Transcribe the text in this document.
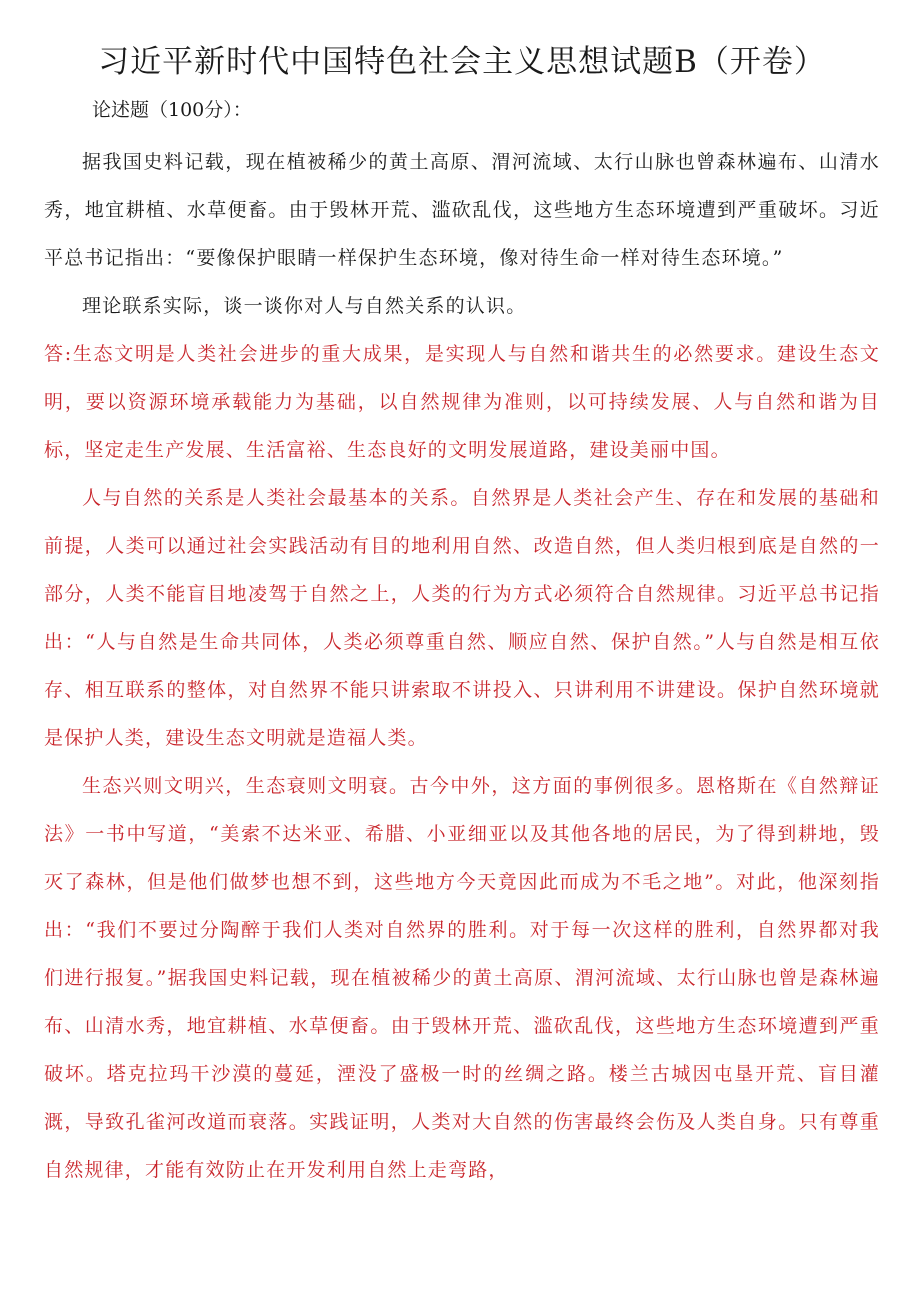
习近平新时代中国特色社会主义思想试题B（开卷）
论述题（100分）：

据我国史料记载，现在植被稀少的黄土高原、渭河流域、太行山脉也曾森林遍布、山清水秀，地宜耕植、水草便畜。由于毁林开荒、滥砍乱伐，这些地方生态环境遭到严重破坏。习近平总书记指出：“要像保护眼睛一样保护生态环境，像对待生命一样对待生态环境。”

理论联系实际，谈一谈你对人与自然关系的认识。

答:生态文明是人类社会进步的重大成果，是实现人与自然和谐共生的必然要求。建设生态文明，要以资源环境承载能力为基础，以自然规律为准则，以可持续发展、人与自然和谐为目标，坚定走生产发展、生活富裕、生态良好的文明发展道路，建设美丽中国。

人与自然的关系是人类社会最基本的关系。自然界是人类社会产生、存在和发展的基础和前提，人类可以通过社会实践活动有目的地利用自然、改造自然，但人类归根到底是自然的一部分，人类不能盲目地凌驾于自然之上，人类的行为方式必须符合自然规律。习近平总书记指出：“人与自然是生命共同体，人类必须尊重自然、顺应自然、保护自然。”人与自然是相互依存、相互联系的整体，对自然界不能只讲索取不讲投入、只讲利用不讲建设。保护自然环境就是保护人类，建设生态文明就是造福人类。

生态兴则文明兴，生态衰则文明衰。古今中外，这方面的事例很多。恩格斯在《自然辩证法》一书中写道，“美索不达米亚、希腊、小亚细亚以及其他各地的居民，为了得到耕地，毁灭了森林，但是他们做梦也想不到，这些地方今天竟因此而成为不毛之地”。对此，他深刻指出：“我们不要过分陶醉于我们人类对自然界的胜利。对于每一次这样的胜利，自然界都对我们进行报复。”据我国史料记载，现在植被稀少的黄土高原、渭河流域、太行山脉也曾是森林遍布、山清水秀，地宜耕植、水草便畜。由于毁林开荒、滥砍乱伐，这些地方生态环境遭到严重破坏。塔克拉玛干沙漠的蔓延，湮没了盛极一时的丝绸之路。楼兰古城因屯垦开荒、盲目灌溉，导致孔雀河改道而衰落。实践证明，人类对大自然的伤害最终会伤及人类自身。只有尊重自然规律，才能有效防止在开发利用自然上走弯路，
